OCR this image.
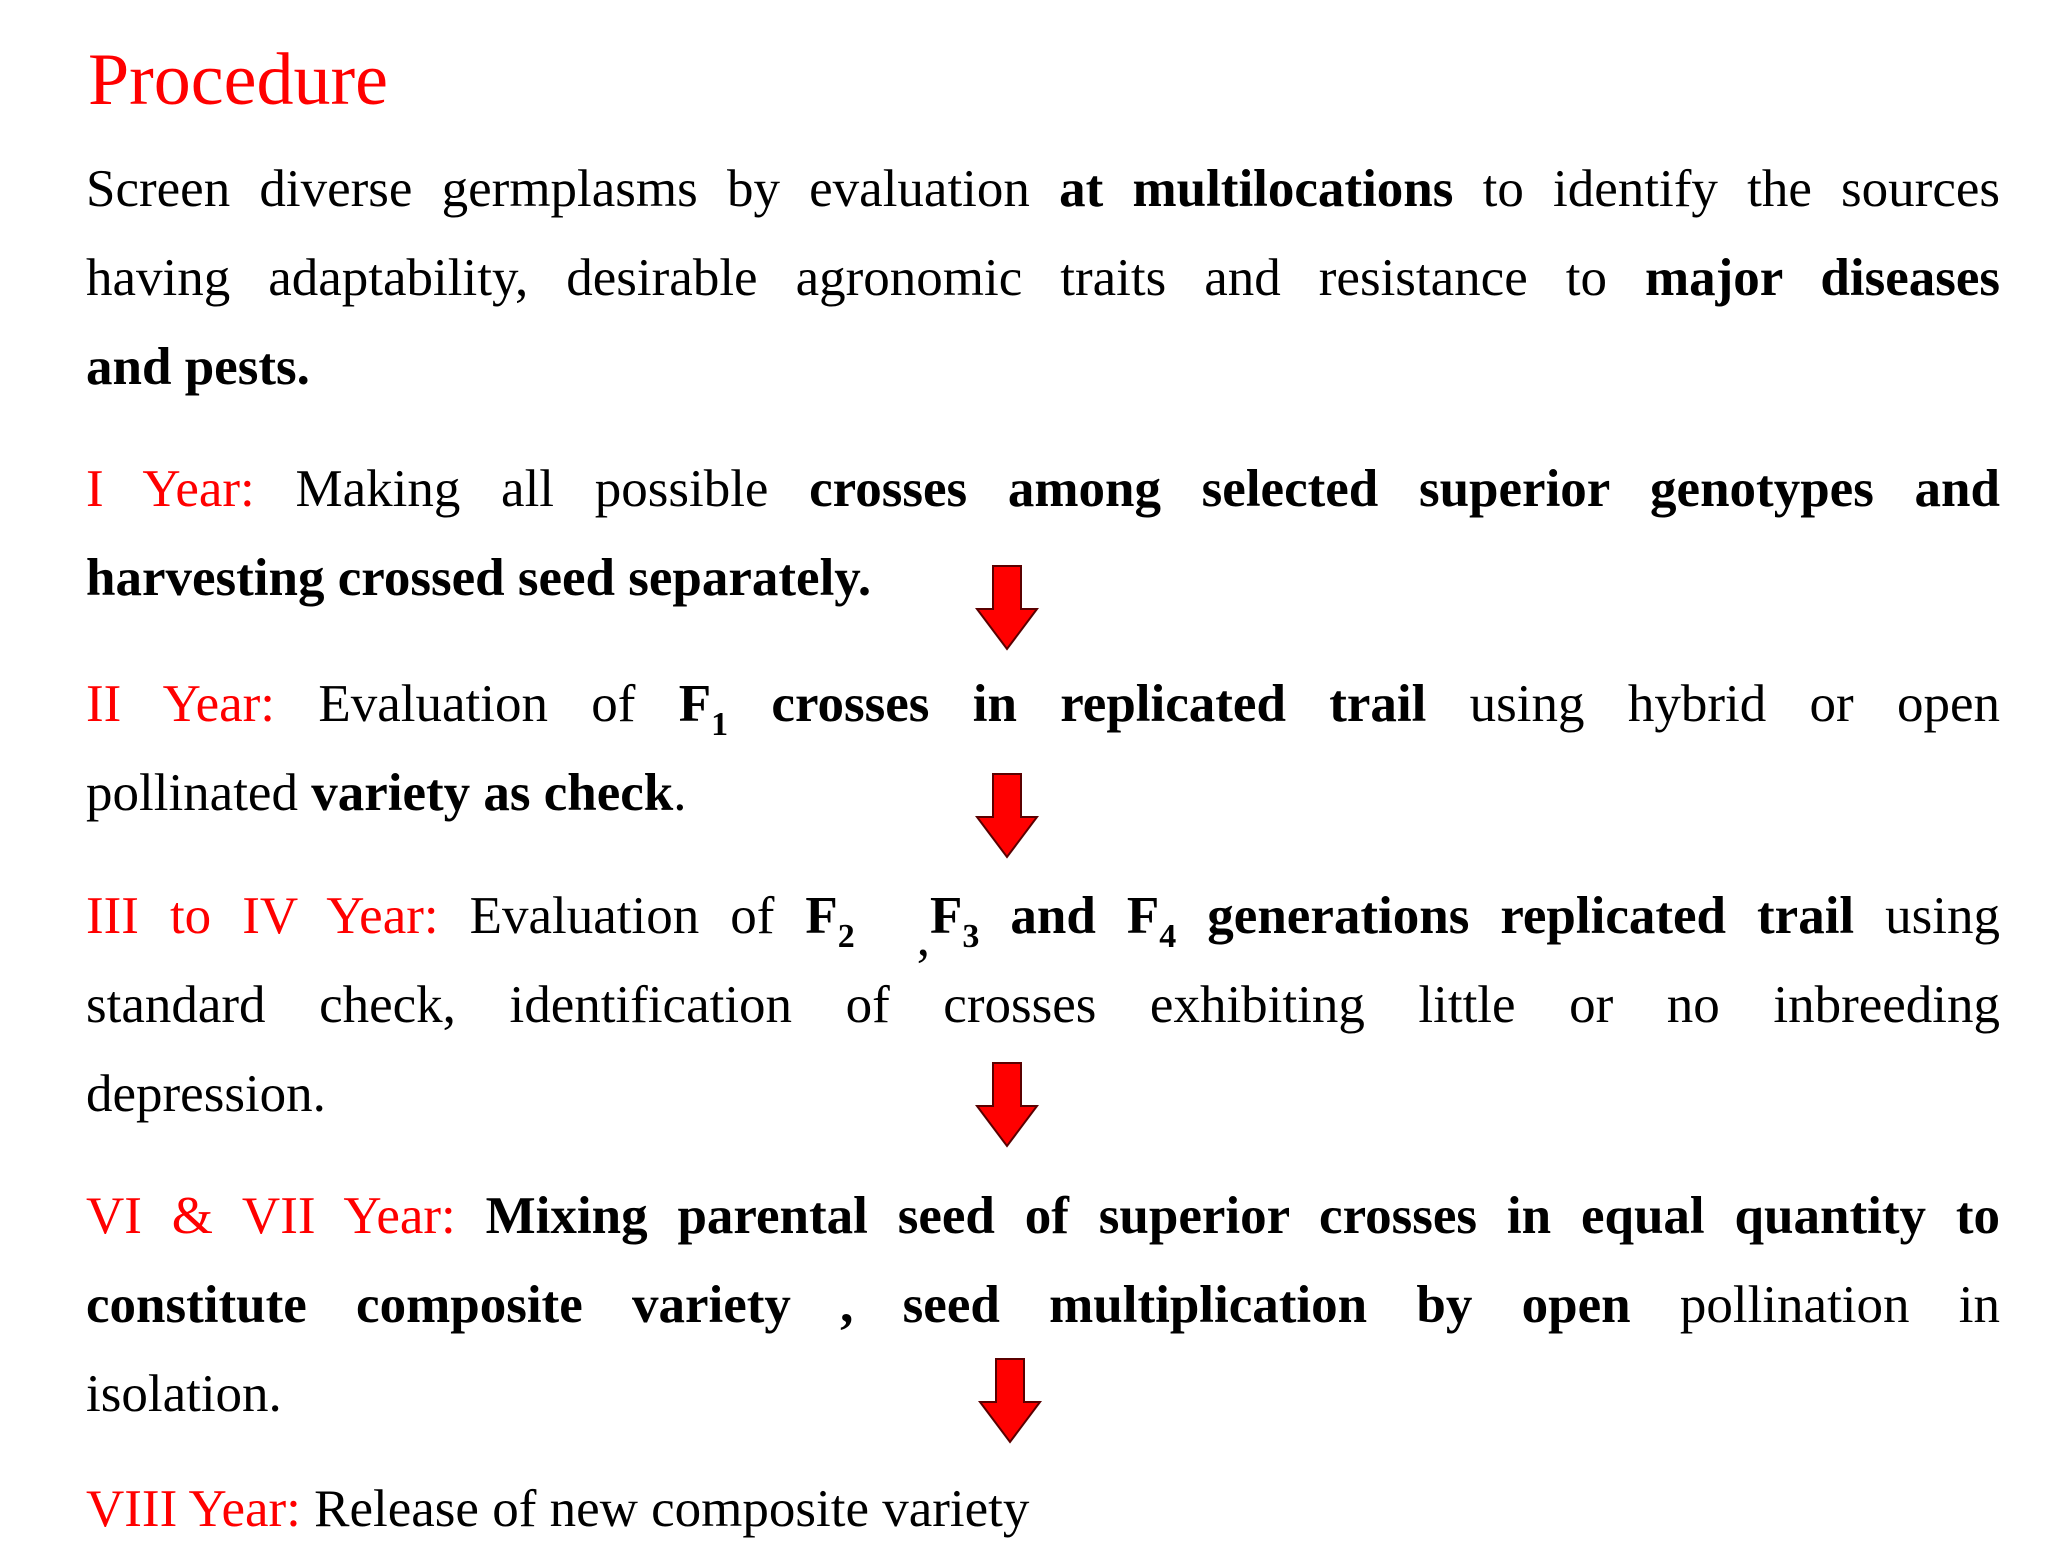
Procedure
Screen diverse germplasms by evaluation at multilocations to identify the sources
having adaptability, desirable agronomic traits and resistance to major diseases
and pests.
I Year: Making all possible crosses among selected superior genotypes and
harvesting crossed seed separately.
II Year: Evaluation of $F_1$ crosses in replicated trail using hybrid or open
pollinated variety as check.
III to IV Year: Evaluation of $F_2$ $,F_3$ and $F_4$ generations replicated trail using
standard check, identification of crosses exhibiting little or no inbreeding
depression.
VI & VII Year: Mixing parental seed of superior crosses in equal quantity to
constitute composite variety , seed multiplication by open pollination in
isolation.
VIII Year: Release of new composite variety
